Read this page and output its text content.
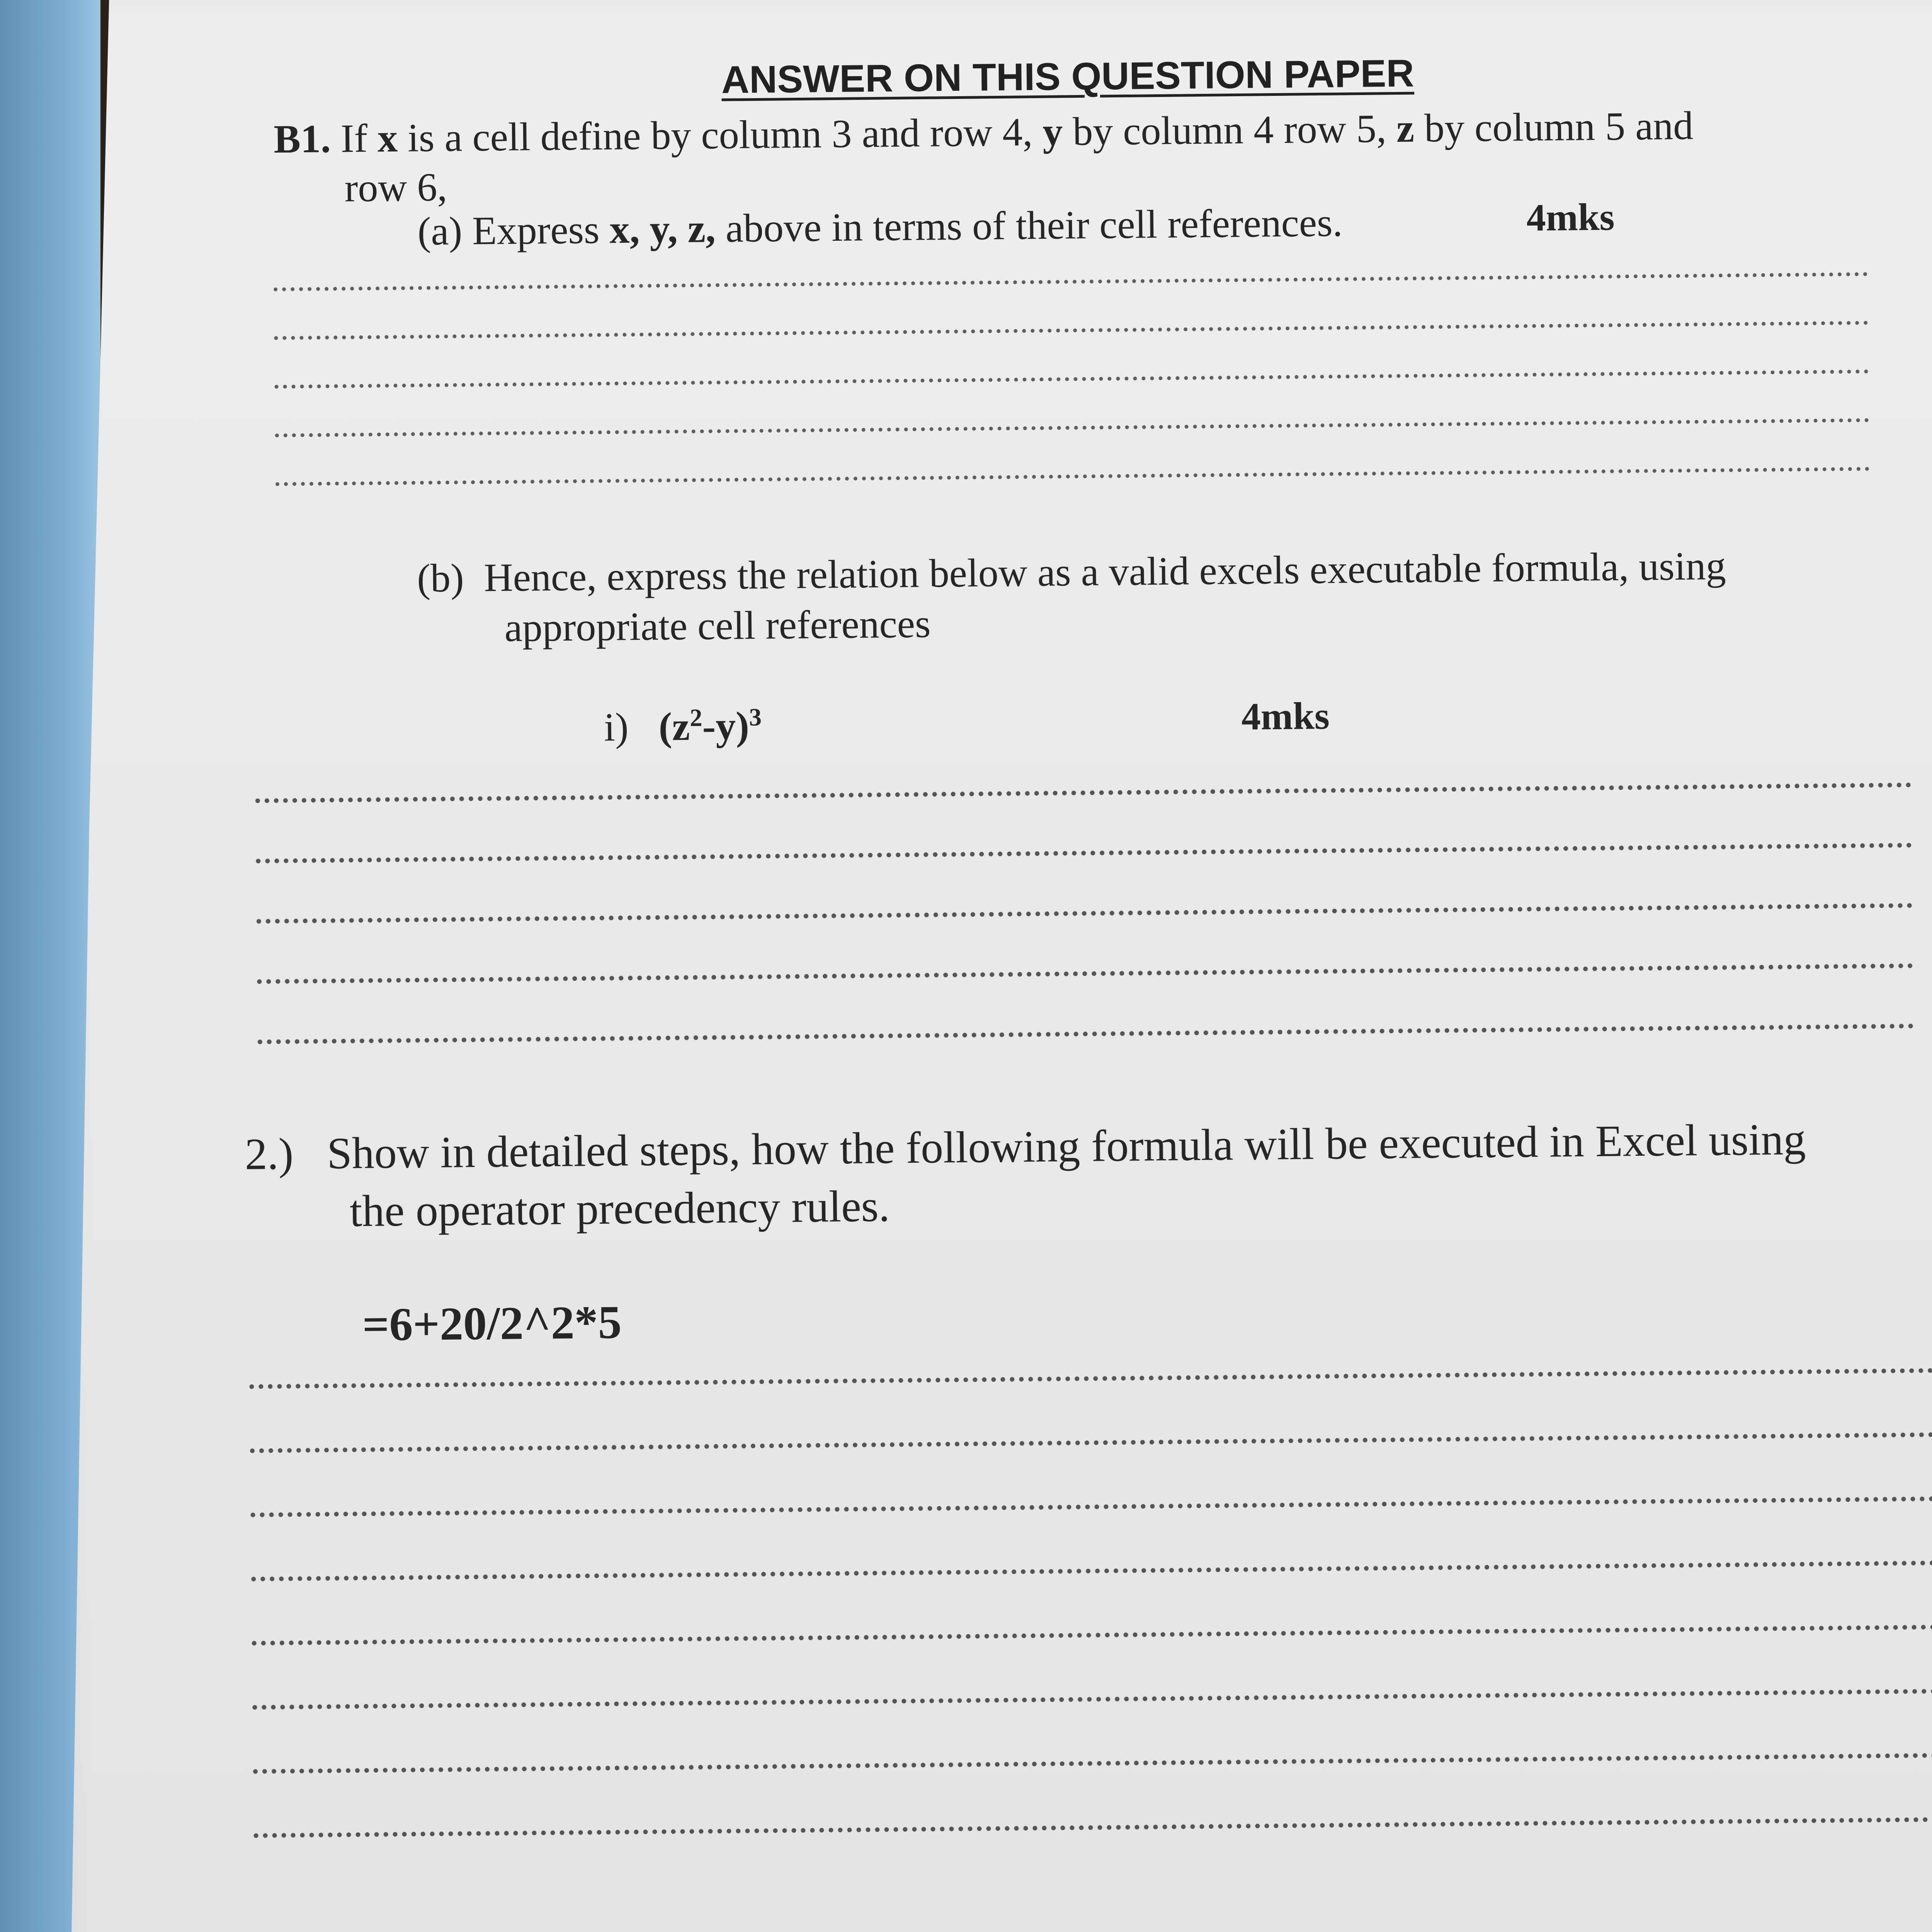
ANSWER ON THIS QUESTION PAPER
B1. If x is a cell define by column 3 and row 4, y by column 4 row 5, z by column 5 and
row 6,
(a) Express x, y, z, above in terms of their cell references.	4mks
(b) Hence, express the relation below as a valid excels executable formula, using
appropriate cell references
i) $(z^2-y)^3$	4mks
2.) Show in detailed steps, how the following formula will be executed in Excel using
the operator precedency rules.
=6+20/2^2*5
